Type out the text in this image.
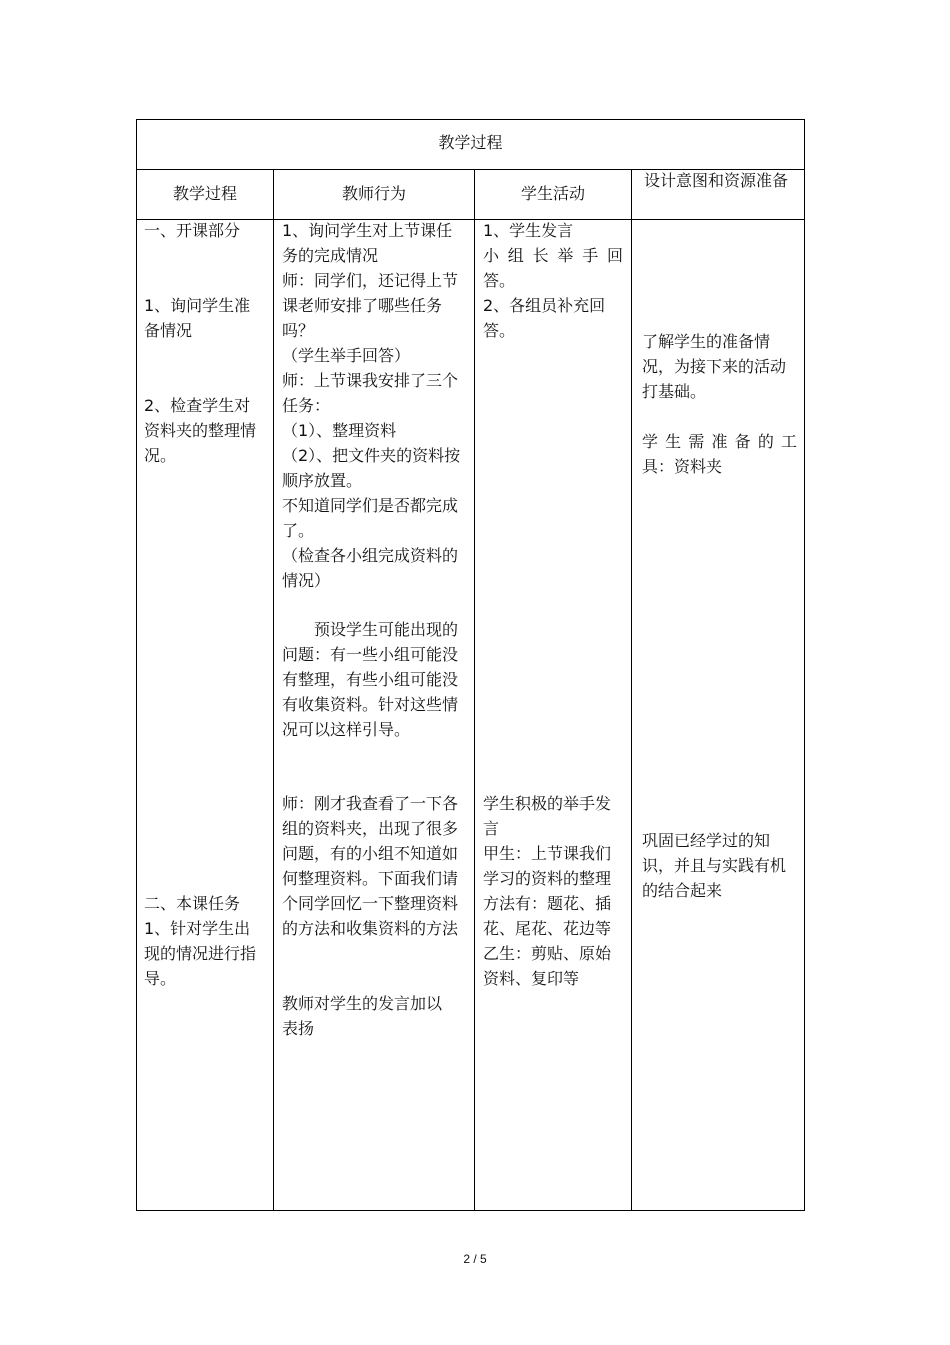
教学过程
教学过程	教师行为	学生活动
设计意图和资源准备
一、开课部分
1、询问学生准备情况
2、检查学生对资料夹的整理情况。
二、本课任务
1、针对学生出现的情况进行指导。
1、询问学生对上节课任务的完成情况
师：同学们，还记得上节课老师安排了哪些任务吗？
（学生举手回答）
师：上节课我安排了三个任务：
（1）、整理资料
（2）、把文件夹的资料按顺序放置。
不知道同学们是否都完成了。
（检查各小组完成资料的情况）
　　预设学生可能出现的问题：有一些小组可能没有整理，有些小组可能没有收集资料。针对这些情况可以这样引导。
师：刚才我查看了一下各组的资料夹，出现了很多问题，有的小组不知道如何整理资料。下面我们请个同学回忆一下整理资料的方法和收集资料的方法
教师对学生的发言加以表扬
1、学生发言
小组长举手回
答。
2、各组员补充回答。
学生积极的举手发言
甲生：上节课我们学习的资料的整理方法有：题花、插花、尾花、花边等
乙生：剪贴、原始资料、复印等
了解学生的准备情况，为接下来的活动打基础。
学生需准备的工
具：资料夹
巩固已经学过的知识，并且与实践有机的结合起来
2 / 5
